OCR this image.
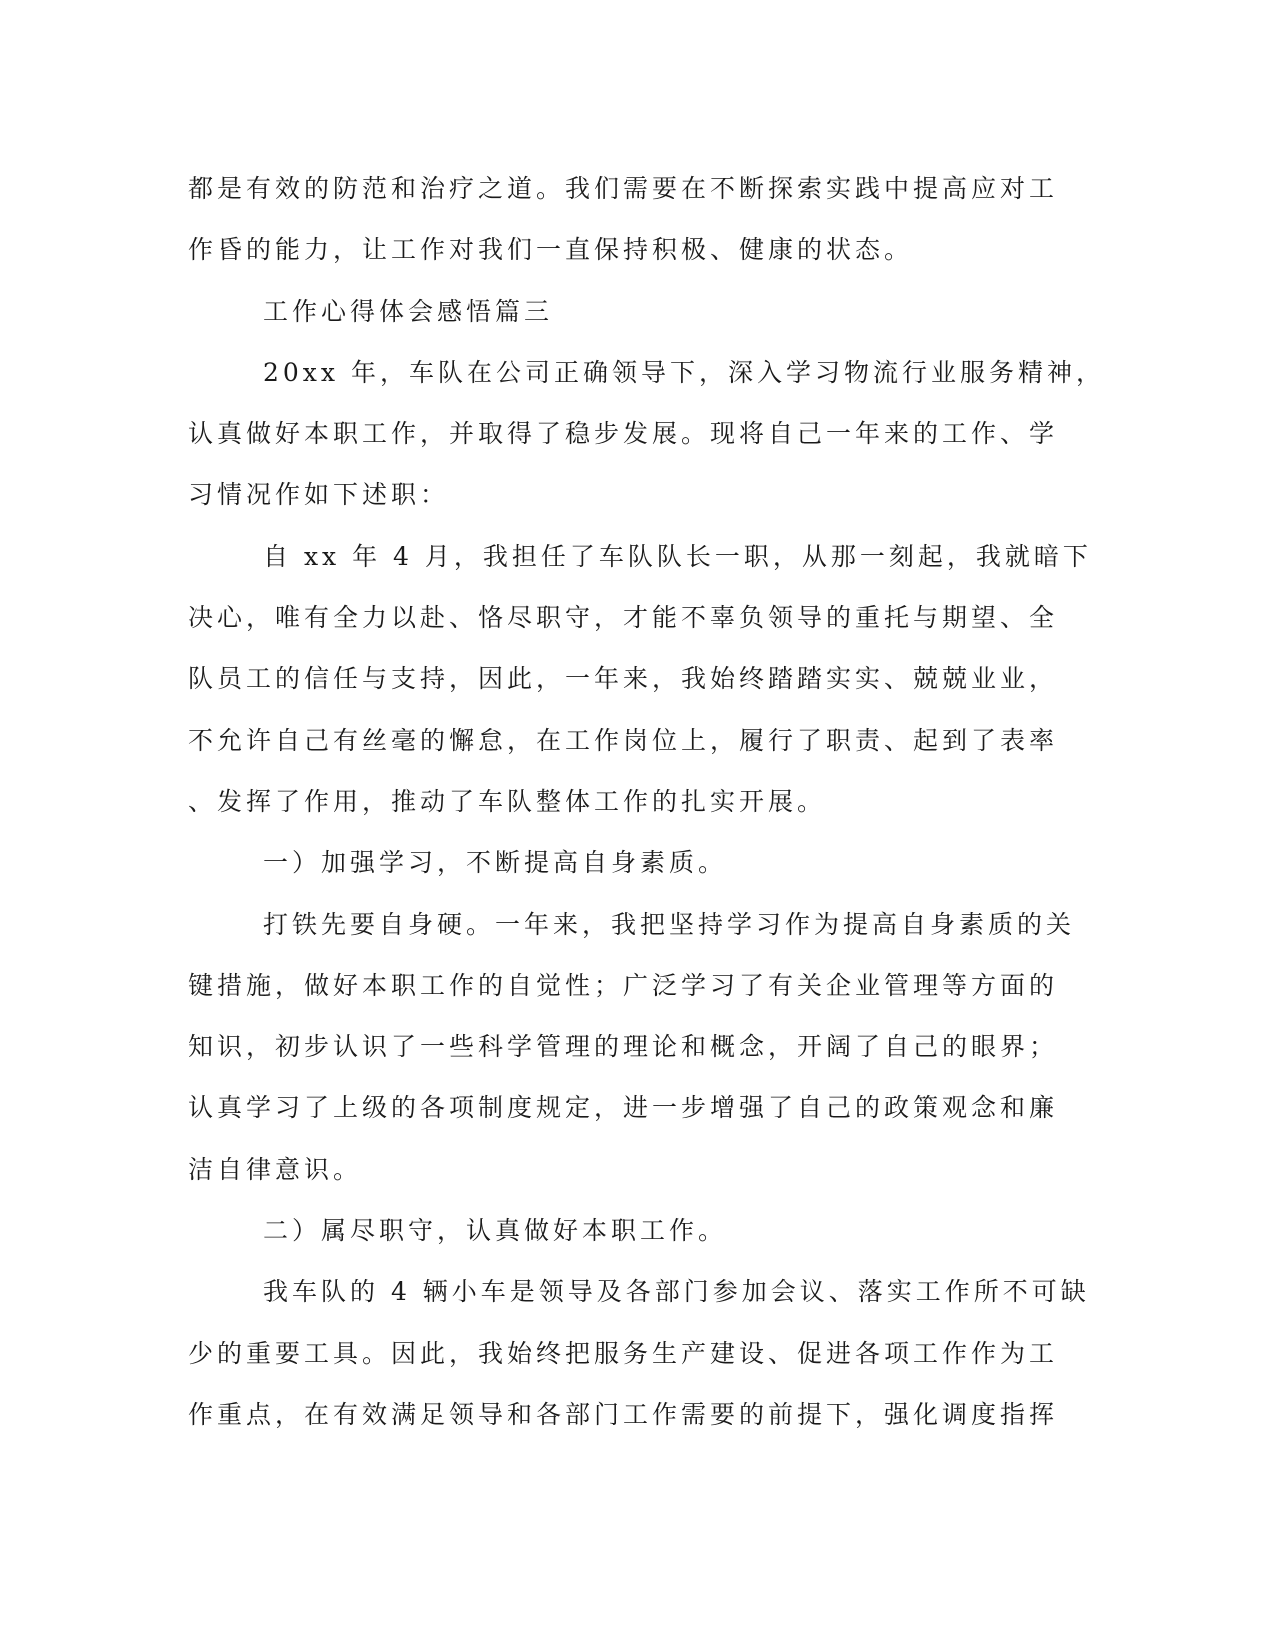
都是有效的防范和治疗之道。我们需要在不断探索实践中提高应对工
作昏的能力，让工作对我们一直保持积极、健康的状态。
工作心得体会感悟篇三
20xx 年，车队在公司正确领导下，深入学习物流行业服务精神，
认真做好本职工作，并取得了稳步发展。现将自己一年来的工作、学
习情况作如下述职：
自 xx 年 4 月，我担任了车队队长一职，从那一刻起，我就暗下
决心，唯有全力以赴、恪尽职守，才能不辜负领导的重托与期望、全
队员工的信任与支持，因此，一年来，我始终踏踏实实、兢兢业业，
不允许自己有丝毫的懈怠，在工作岗位上，履行了职责、起到了表率
、发挥了作用，推动了车队整体工作的扎实开展。
一）加强学习，不断提高自身素质。
打铁先要自身硬。一年来，我把坚持学习作为提高自身素质的关
键措施，做好本职工作的自觉性；广泛学习了有关企业管理等方面的
知识，初步认识了一些科学管理的理论和概念，开阔了自己的眼界；
认真学习了上级的各项制度规定，进一步增强了自己的政策观念和廉
洁自律意识。
二）属尽职守，认真做好本职工作。
我车队的 4 辆小车是领导及各部门参加会议、落实工作所不可缺
少的重要工具。因此，我始终把服务生产建设、促进各项工作作为工
作重点，在有效满足领导和各部门工作需要的前提下，强化调度指挥
